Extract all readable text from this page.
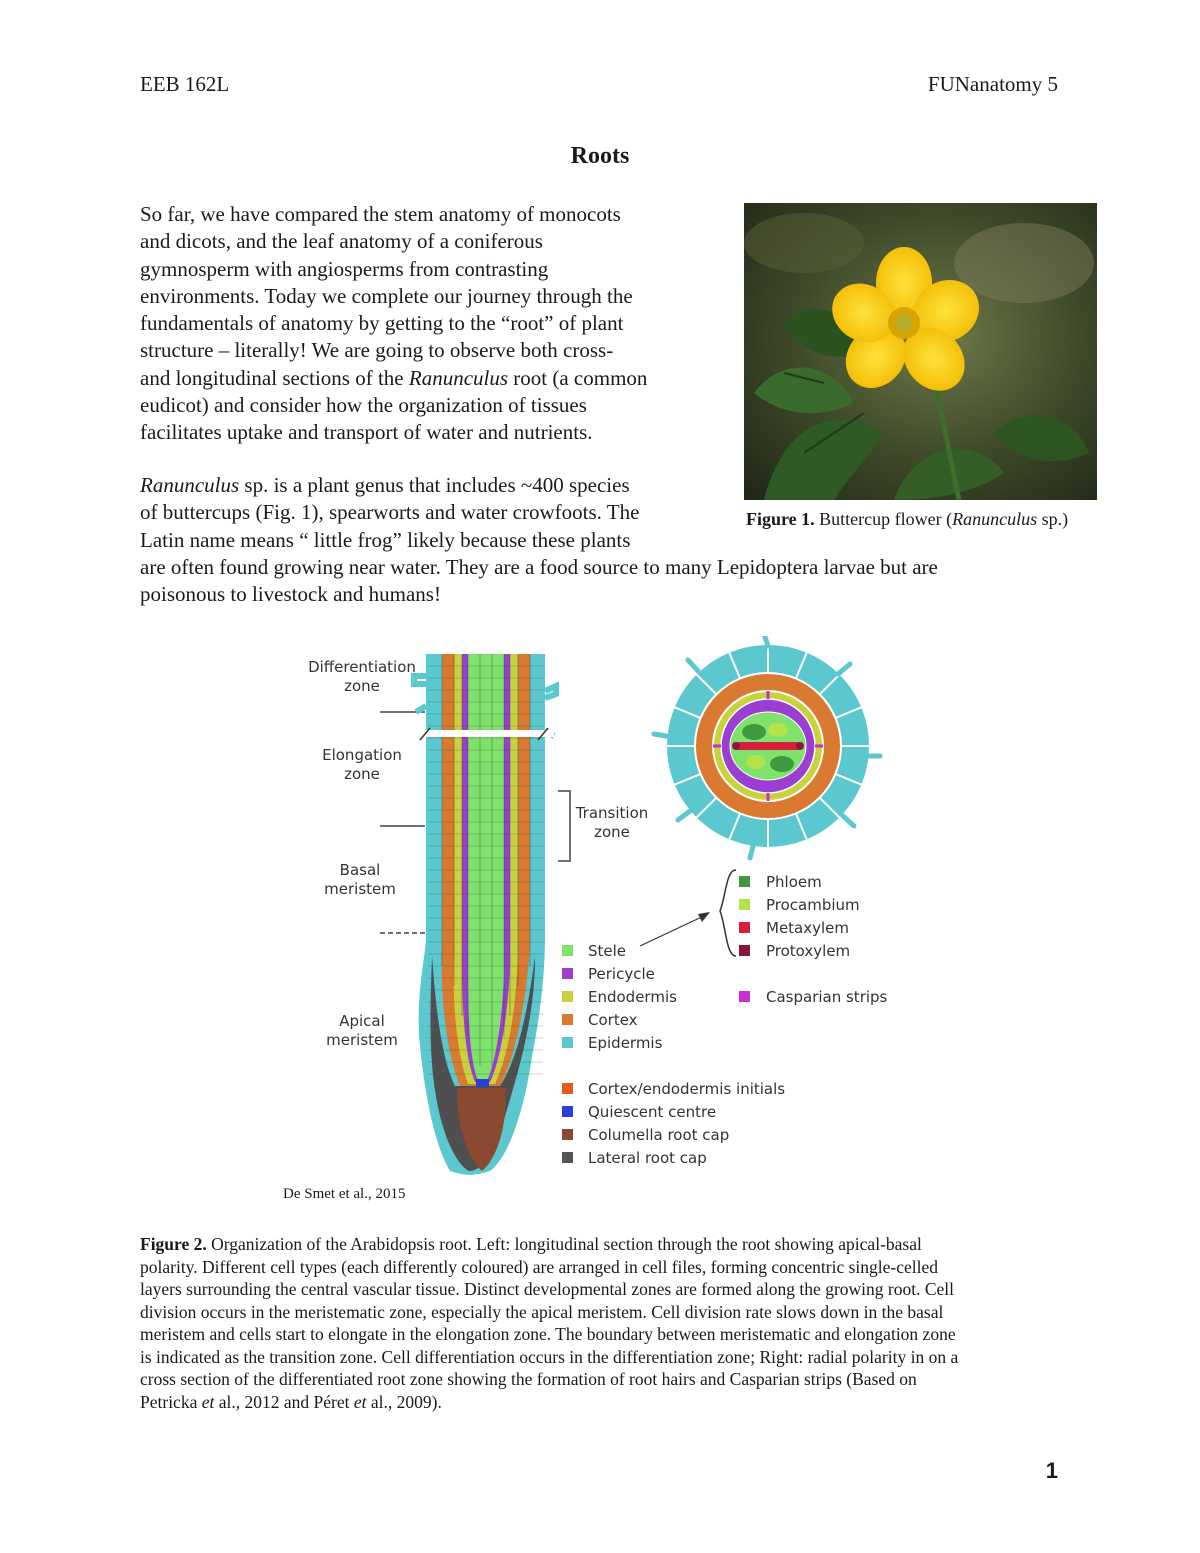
EEB 162L	FUNanatomy 5
Roots

So far, we have compared the stem anatomy of monocots
and dicots, and the leaf anatomy of a coniferous
gymnosperm with angiosperms from contrasting
environments. Today we complete our journey through the
fundamentals of anatomy by getting to the “root” of plant
structure – literally! We are going to observe both cross-
and longitudinal sections of the Ranunculus root (a common
eudicot) and consider how the organization of tissues
facilitates uptake and transport of water and nutrients.

Ranunculus sp. is a plant genus that includes ~400 species
of buttercups (Fig. 1), spearworts and water crowfoots. The
Latin name means “ little frog” likely because these plants
are often found growing near water. They are a food source to many Lepidoptera larvae but are
poisonous to livestock and humans!
Figure 1. Buttercup flower (Ranunculus sp.)
Differentiation
zone
Elongation
zone
Basal
meristem
Apical
meristem
Transition
zone
Phloem
Procambium
Metaxylem
Protoxylem
Stele
Pericycle
Endodermis
Cortex
Epidermis
Casparian strips
Cortex/endodermis initials
Quiescent centre
Columella root cap
Lateral root cap
De Smet et al., 2015
Figure 2. Organization of the Arabidopsis root. Left: longitudinal section through the root showing apical-basal
polarity. Different cell types (each differently coloured) are arranged in cell files, forming concentric single-celled
layers surrounding the central vascular tissue. Distinct developmental zones are formed along the growing root. Cell
division occurs in the meristematic zone, especially the apical meristem. Cell division rate slows down in the basal
meristem and cells start to elongate in the elongation zone. The boundary between meristematic and elongation zone
is indicated as the transition zone. Cell differentiation occurs in the differentiation zone; Right: radial polarity in on a
cross section of the differentiated root zone showing the formation of root hairs and Casparian strips (Based on
Petricka et al., 2012 and Péret et al., 2009).
1
